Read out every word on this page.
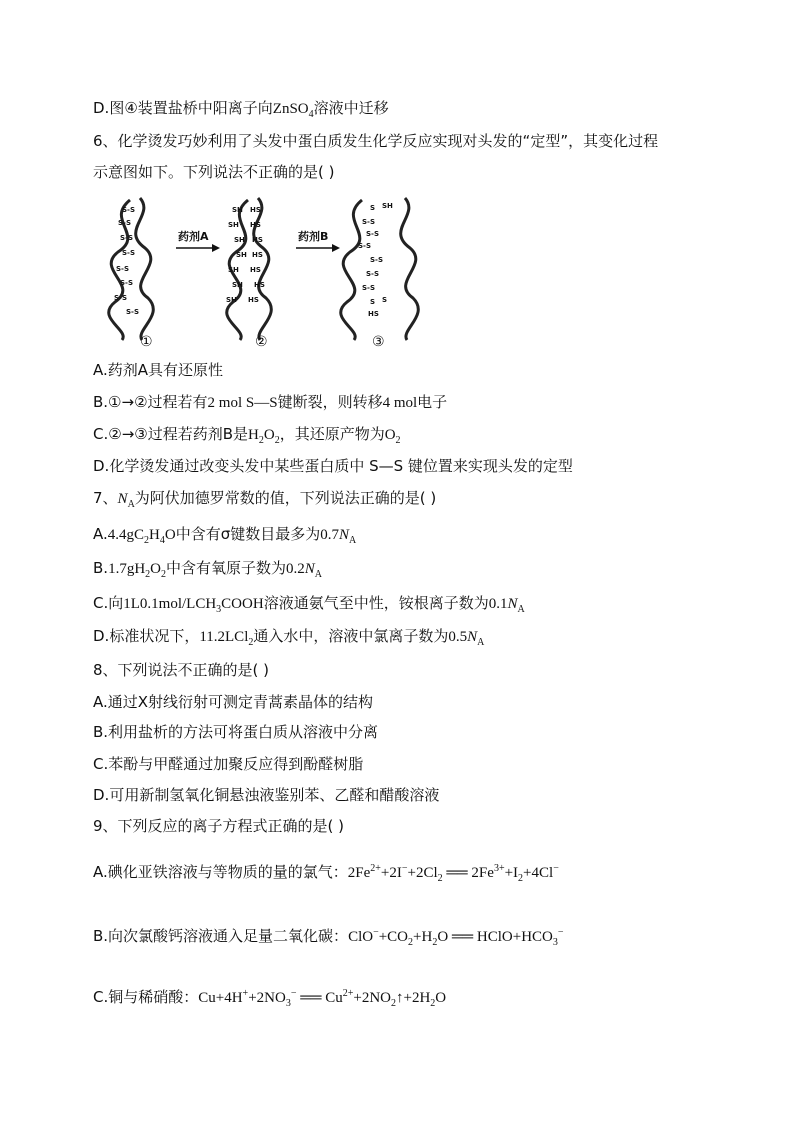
D.图④装置盐桥中阳离子向ZnSO$_4$溶液中迁移
6、化学烫发巧妙利用了头发中蛋白质发生化学反应实现对头发的“定型”，其变化过程
示意图如下。下列说法不正确的是( )
S-S
S-S
S-S
S-S
S-S
S-S
S-S
S-S
SH HS
SH HS
SH HS
SH HS
SH HS
SH HS
SH HS
S SH
S-S
S-S
S-S
S-S
S-S
S-S
S S
HS
药剂A	药剂B
①	②	③
A.药剂A具有还原性
B.①→②过程若有2 mol S—S键断裂，则转移4 mol电子
C.②→③过程若药剂B是$H_2O_2$，其还原产物为$O_2$
D.化学烫发通过改变头发中某些蛋白质中 S—S 键位置来实现头发的定型
7、$N_A$为阿伏加德罗常数的值，下列说法正确的是( )
$A.4.4gC_2H_4O$中含有σ键数目最多为$0.7N_A$
$B.1.7gH_2O_2$中含有氧原子数为$0.2N_A$
C.向$1L0.1mol/LCH_3COOH$溶液通氨气至中性，铵根离子数为$0.1N_A$
D.标准状况下，11.2LCl$_2$通入水中，溶液中氯离子数为$0.5N_A$
8、下列说法不正确的是( )
A.通过X射线衍射可测定青蒿素晶体的结构
B.利用盐析的方法可将蛋白质从溶液中分离
C.苯酚与甲醛通过加聚反应得到酚醛树脂
D.可用新制氢氧化铜悬浊液鉴别苯、乙醛和醋酸溶液
9、下列反应的离子方程式正确的是( )
A.碘化亚铁溶液与等物质的量的氯气：$2Fe^{2+}+2I^-+2Cl_2$ ══ $2Fe^{3+}+I_2+4Cl^-$
B.向次氯酸钙溶液通入足量二氧化碳：$ClO^-+CO_2+H_2O$ ══ $HClO+HCO_3^-$
C.铜与稀硝酸：$Cu+4H^++2NO_3^-$ ══ $Cu^{2+}+2NO_2↑+2H_2O$
